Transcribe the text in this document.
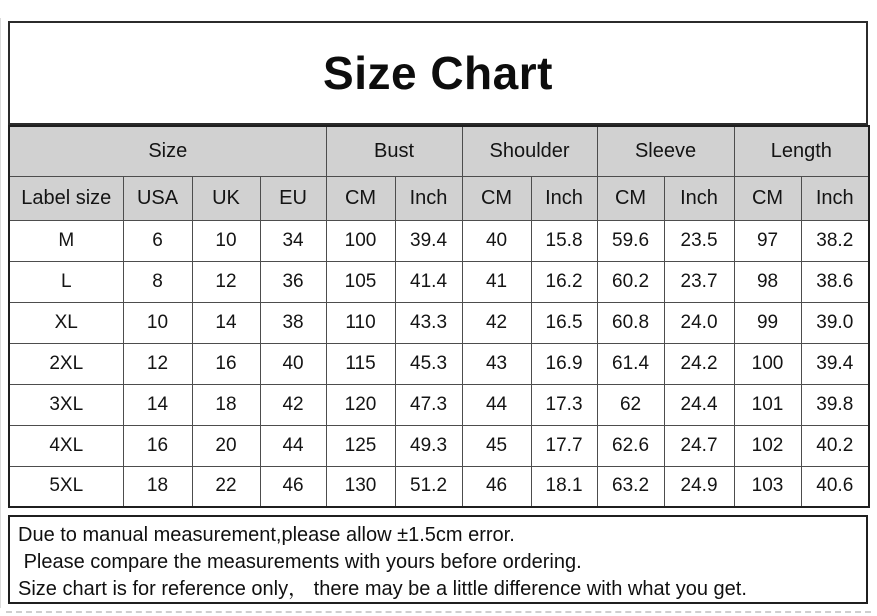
Size Chart
Size				Bust		Shoulder		Sleeve		Length	
Label size	USA	UK	EU	CM	Inch	CM	Inch	CM	Inch	CM	Inch
M	6	10	34	100	39.4	40	15.8	59.6	23.5	97	38.2
L	8	12	36	105	41.4	41	16.2	60.2	23.7	98	38.6
XL	10	14	38	110	43.3	42	16.5	60.8	24.0	99	39.0
2XL	12	16	40	115	45.3	43	16.9	61.4	24.2	100	39.4
3XL	14	18	42	120	47.3	44	17.3	62	24.4	101	39.8
4XL	16	20	44	125	49.3	45	17.7	62.6	24.7	102	40.2
5XL	18	22	46	130	51.2	46	18.1	63.2	24.9	103	40.6
Due to manual measurement,please allow ±1.5cm error.
Please compare the measurements with yours before ordering.
Size chart is for reference only， there may be a little difference with what you get.
